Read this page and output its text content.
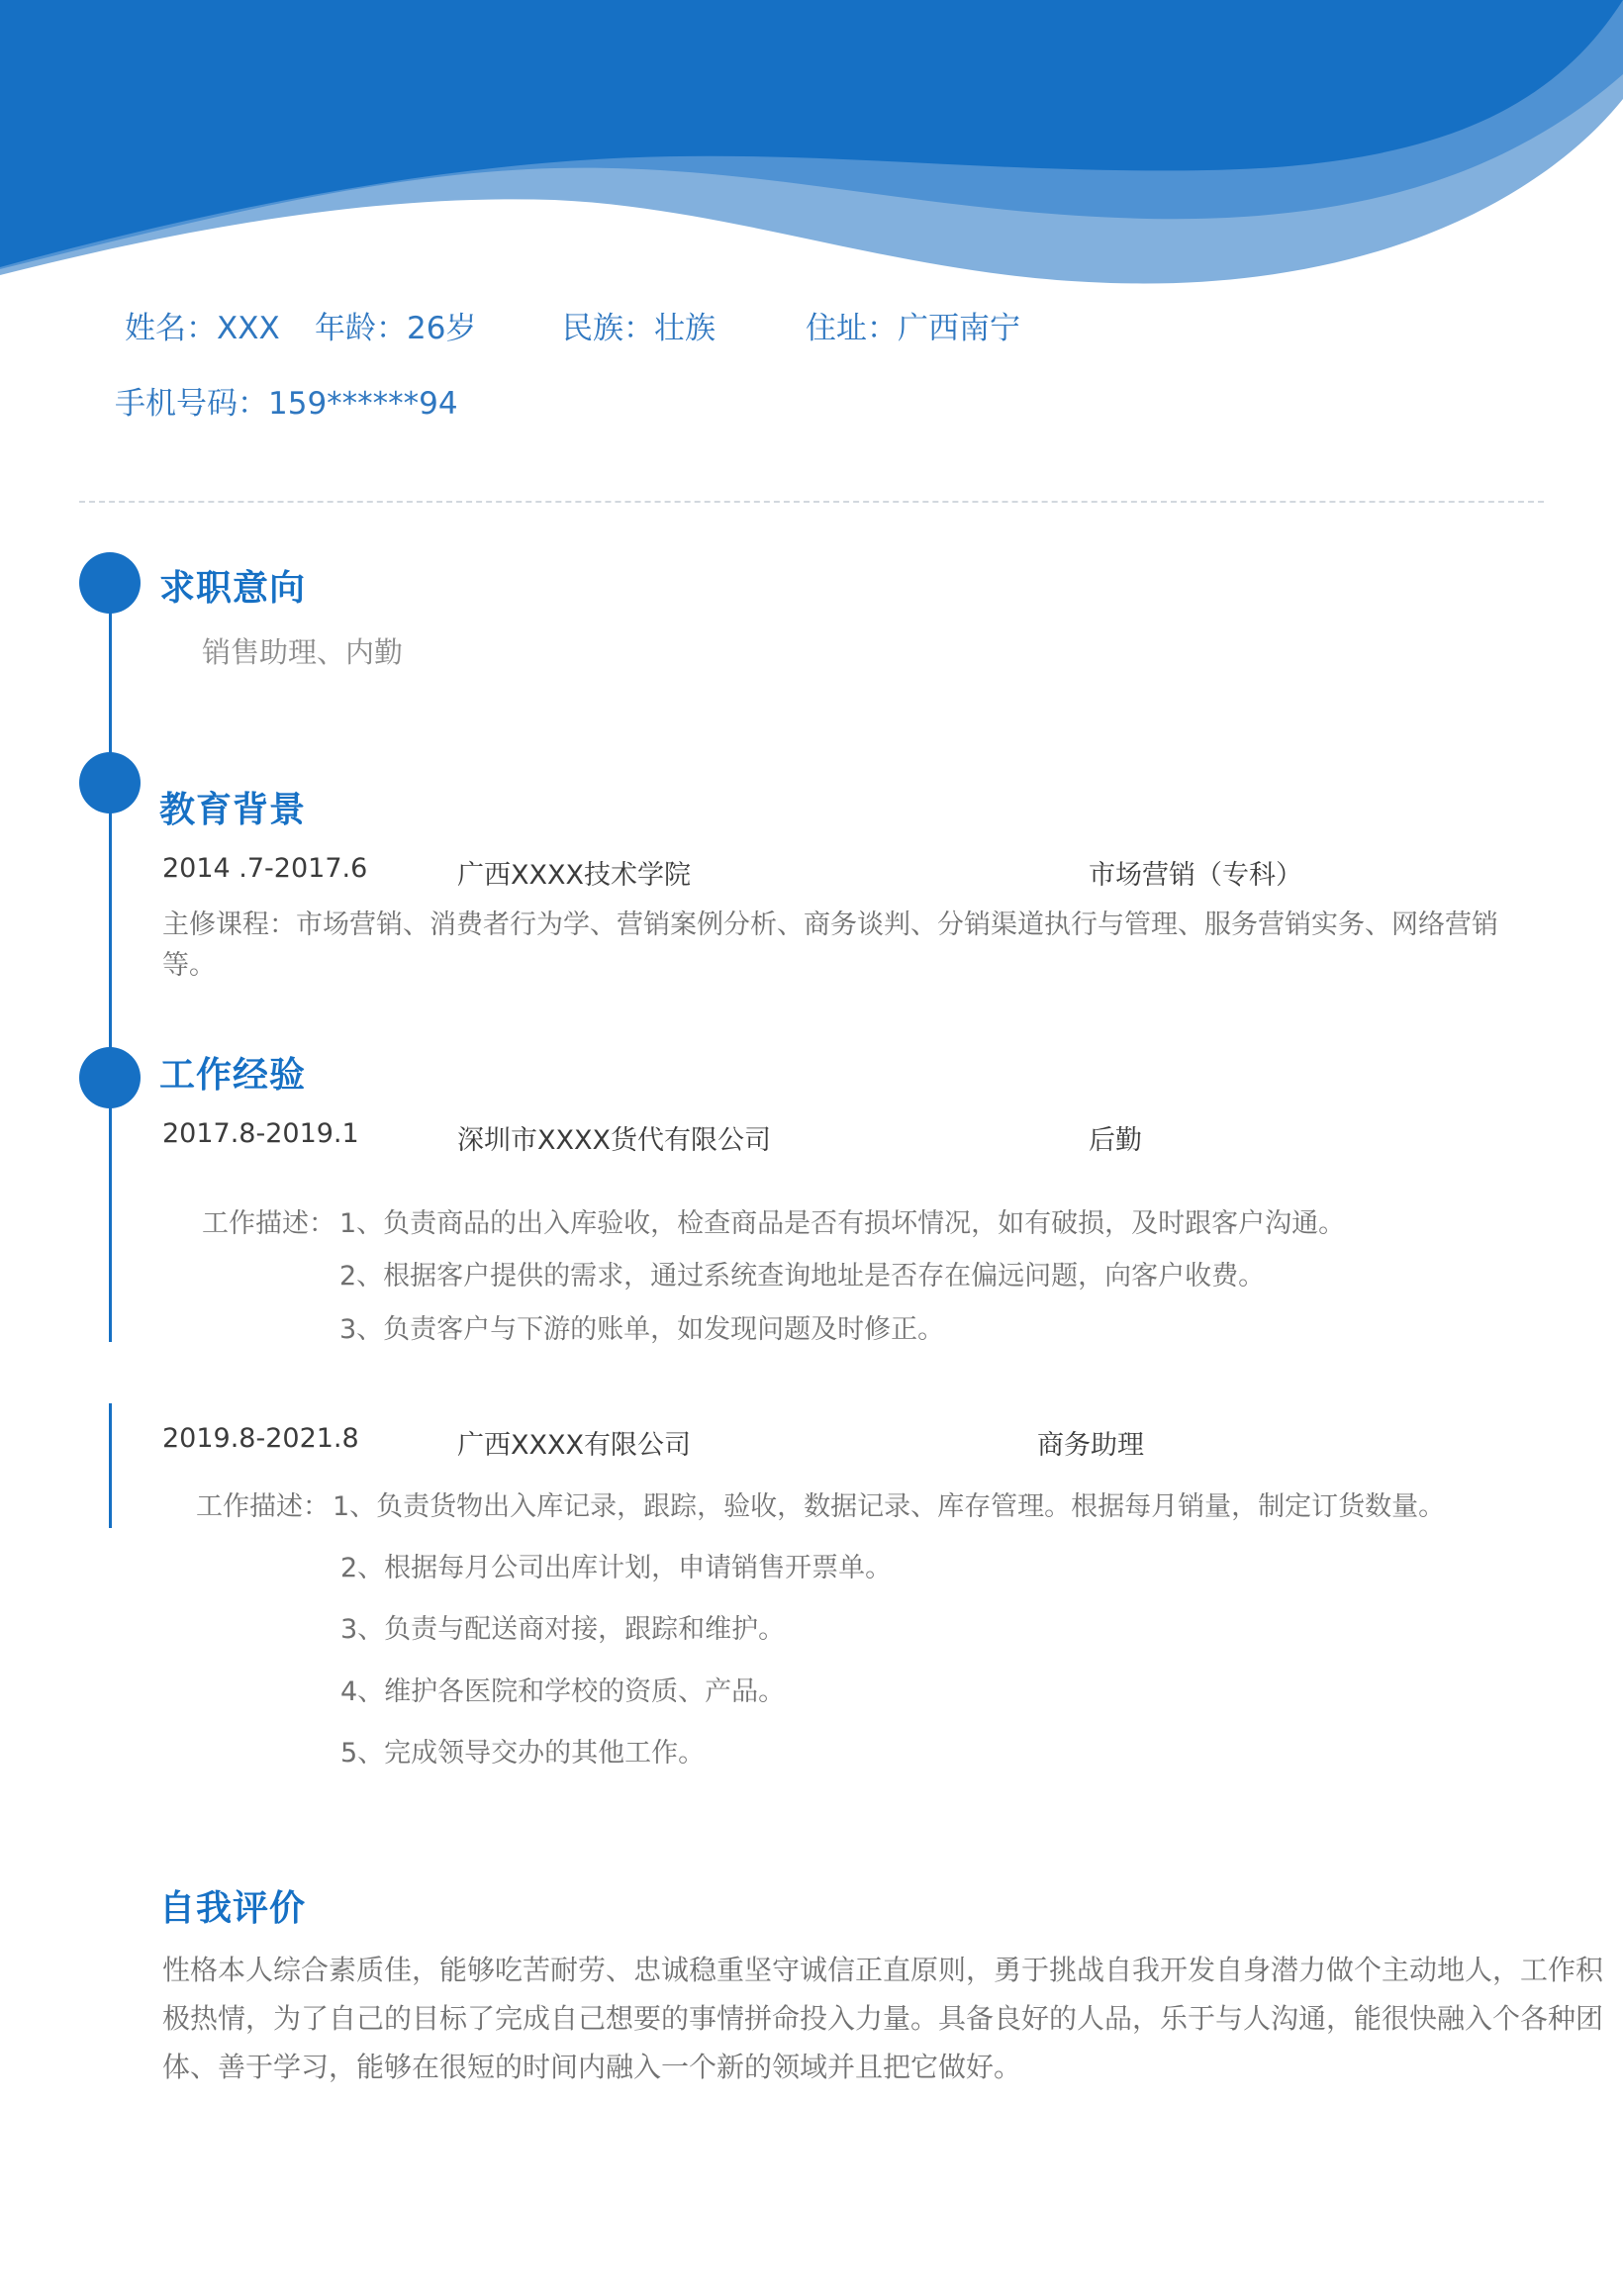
姓名：XXX 年龄：26岁	民族：壮族	住址：广西南宁
手机号码：159******94
求职意向
销售助理、内勤
教育背景
2014 .7-2017.6	广西XXXX技术学院	市场营销（专科）
主修课程：市场营销、消费者行为学、营销案例分析、商务谈判、分销渠道执行与管理、服务营销实务、网络营销等。
工作经验
2017.8-2019.1	深圳市XXXX货代有限公司	后勤
工作描述： 1、负责商品的出入库验收，检查商品是否有损坏情况，如有破损，及时跟客户沟通。
2、根据客户提供的需求，通过系统查询地址是否存在偏远问题，向客户收费。
3、负责客户与下游的账单，如发现问题及时修正。
2019.8-2021.8	广西XXXX有限公司	商务助理
工作描述： 1、负责货物出入库记录，跟踪，验收，数据记录、库存管理。根据每月销量，制定订货数量。
2、根据每月公司出库计划，申请销售开票单。
3、负责与配送商对接，跟踪和维护。
4、维护各医院和学校的资质、产品。
5、完成领导交办的其他工作。
自我评价
性格本人综合素质佳，能够吃苦耐劳、忠诚稳重坚守诚信正直原则，勇于挑战自我开发自身潜力做个主动地人，工作积极热情，为了自己的目标了完成自己想要的事情拼命投入力量。具备良好的人品，乐于与人沟通，能很快融入个各种团体、善于学习，能够在很短的时间内融入一个新的领域并且把它做好。
